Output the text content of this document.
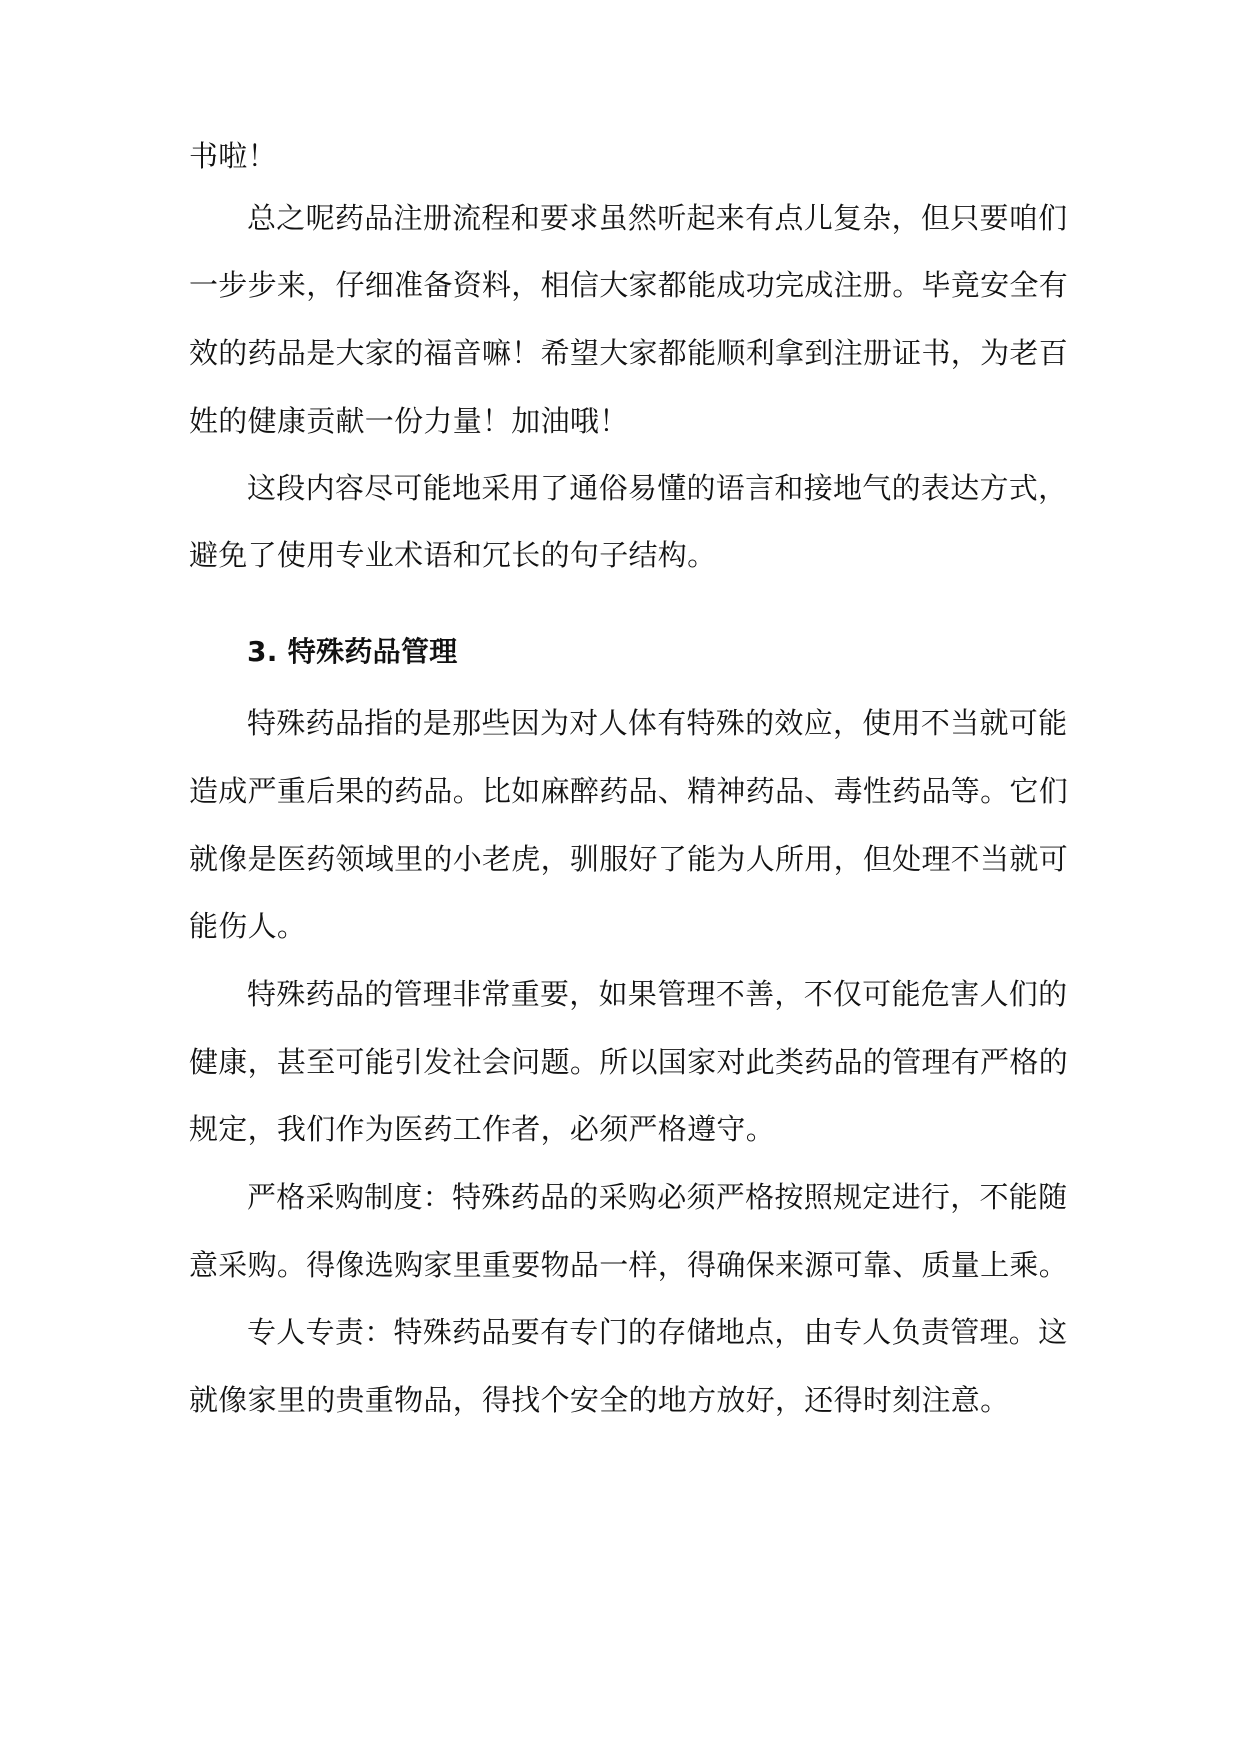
书啦！
总之呢药品注册流程和要求虽然听起来有点儿复杂，但只要咱们
一步步来，仔细准备资料，相信大家都能成功完成注册。毕竟安全有
效的药品是大家的福音嘛！希望大家都能顺利拿到注册证书，为老百
姓的健康贡献一份力量！加油哦！
这段内容尽可能地采用了通俗易懂的语言和接地气的表达方式，
避免了使用专业术语和冗长的句子结构。
3. 特殊药品管理
特殊药品指的是那些因为对人体有特殊的效应，使用不当就可能
造成严重后果的药品。比如麻醉药品、精神药品、毒性药品等。它们
就像是医药领域里的小老虎，驯服好了能为人所用，但处理不当就可
能伤人。
特殊药品的管理非常重要，如果管理不善，不仅可能危害人们的
健康，甚至可能引发社会问题。所以国家对此类药品的管理有严格的
规定，我们作为医药工作者，必须严格遵守。
严格采购制度：特殊药品的采购必须严格按照规定进行，不能随
意采购。得像选购家里重要物品一样，得确保来源可靠、质量上乘。
专人专责：特殊药品要有专门的存储地点，由专人负责管理。这
就像家里的贵重物品，得找个安全的地方放好，还得时刻注意。
